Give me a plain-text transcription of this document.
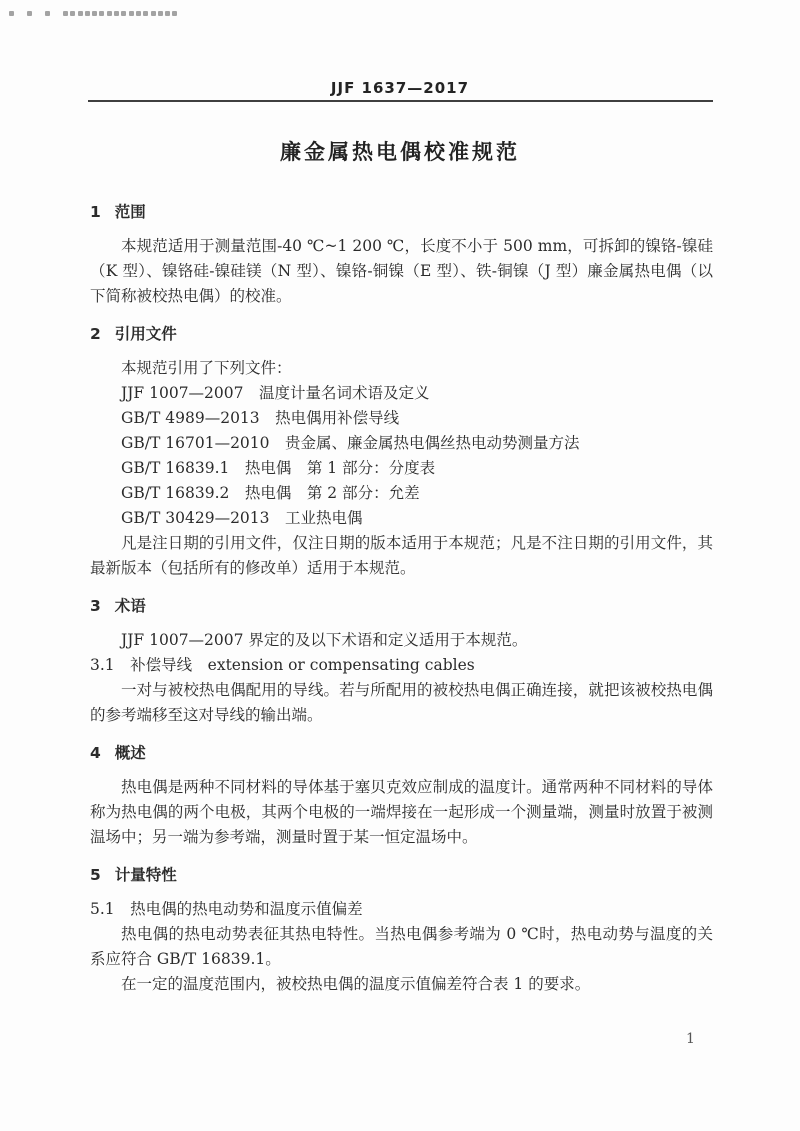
JJF 1637—2017
廉金属热电偶校准规范
1 范围

本规范适用于测量范围-40 ℃~1 200 ℃，长度不小于 500 mm，可拆卸的镍铬-镍硅（K 型）、镍铬硅-镍硅镁（N 型）、镍铬-铜镍（E 型）、铁-铜镍（J 型）廉金属热电偶（以下简称被校热电偶）的校准。

2 引用文件

本规范引用了下列文件：

JJF 1007—2007　温度计量名词术语及定义
GB/T 4989—2013　热电偶用补偿导线
GB/T 16701—2010　贵金属、廉金属热电偶丝热电动势测量方法
GB/T 16839.1　热电偶　第 1 部分：分度表
GB/T 16839.2　热电偶　第 2 部分：允差
GB/T 30429—2013　工业热电偶

凡是注日期的引用文件，仅注日期的版本适用于本规范；凡是不注日期的引用文件，其最新版本（包括所有的修改单）适用于本规范。

3 术语

JJF 1007—2007 界定的及以下术语和定义适用于本规范。

3.1　补偿导线　extension or compensating cables

一对与被校热电偶配用的导线。若与所配用的被校热电偶正确连接，就把该被校热电偶的参考端移至这对导线的输出端。

4 概述

热电偶是两种不同材料的导体基于塞贝克效应制成的温度计。通常两种不同材料的导体称为热电偶的两个电极，其两个电极的一端焊接在一起形成一个测量端，测量时放置于被测温场中；另一端为参考端，测量时置于某一恒定温场中。

5 计量特性

5.1　热电偶的热电动势和温度示值偏差

热电偶的热电动势表征其热电特性。当热电偶参考端为 0 ℃时，热电动势与温度的关系应符合 GB/T 16839.1。

在一定的温度范围内，被校热电偶的温度示值偏差符合表 1 的要求。

1
